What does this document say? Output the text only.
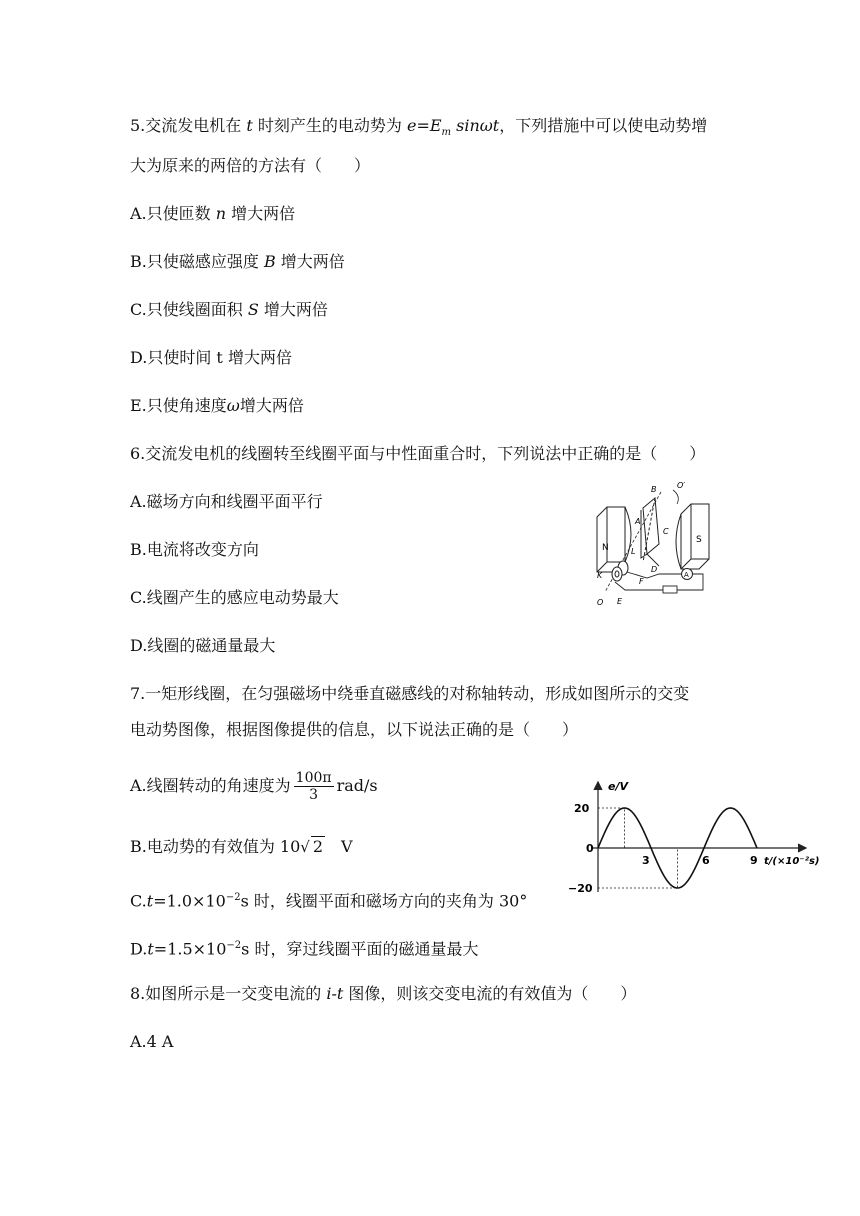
5.交流发电机在 t 时刻产生的电动势为 $e=E_m$ sinωt，下列措施中可以使电动势增
大为原来的两倍的方法有（　　）
A.只使匝数 n 增大两倍
B.只使磁感应强度 B 增大两倍
C.只使线圈面积 S 增大两倍
D.只使时间 t 增大两倍
E.只使角速度ω增大两倍
6.交流发电机的线圈转至线圈平面与中性面重合时，下列说法中正确的是（　　）
A.磁场方向和线圈平面平行
B.电流将改变方向
C.线圈产生的感应电动势最大
D.线圈的磁通量最大
N
S
A
B
A
C
D
L
K
F
E
O
O′
7.一矩形线圈，在匀强磁场中绕垂直磁感线的对称轴转动，形成如图所示的交变
电动势图像，根据图像提供的信息，以下说法正确的是（　　）
A.线圈转动的角速度为 $\frac{100\pi}{3} rad/s$
B.电动势的有效值为 10√ 2　V
$C.t=1.0\times 10^{-2}s$ 时，线圈平面和磁场方向的夹角为 30°
$D.t=1.5\times 10^{-2}s$ 时，穿过线圈平面的磁通量最大
e/V
t/(×10⁻²s)
20
0
−20
3	6	9
8.如图所示是一交变电流的 i-t 图像，则该交变电流的有效值为（　　）
A.4 A
